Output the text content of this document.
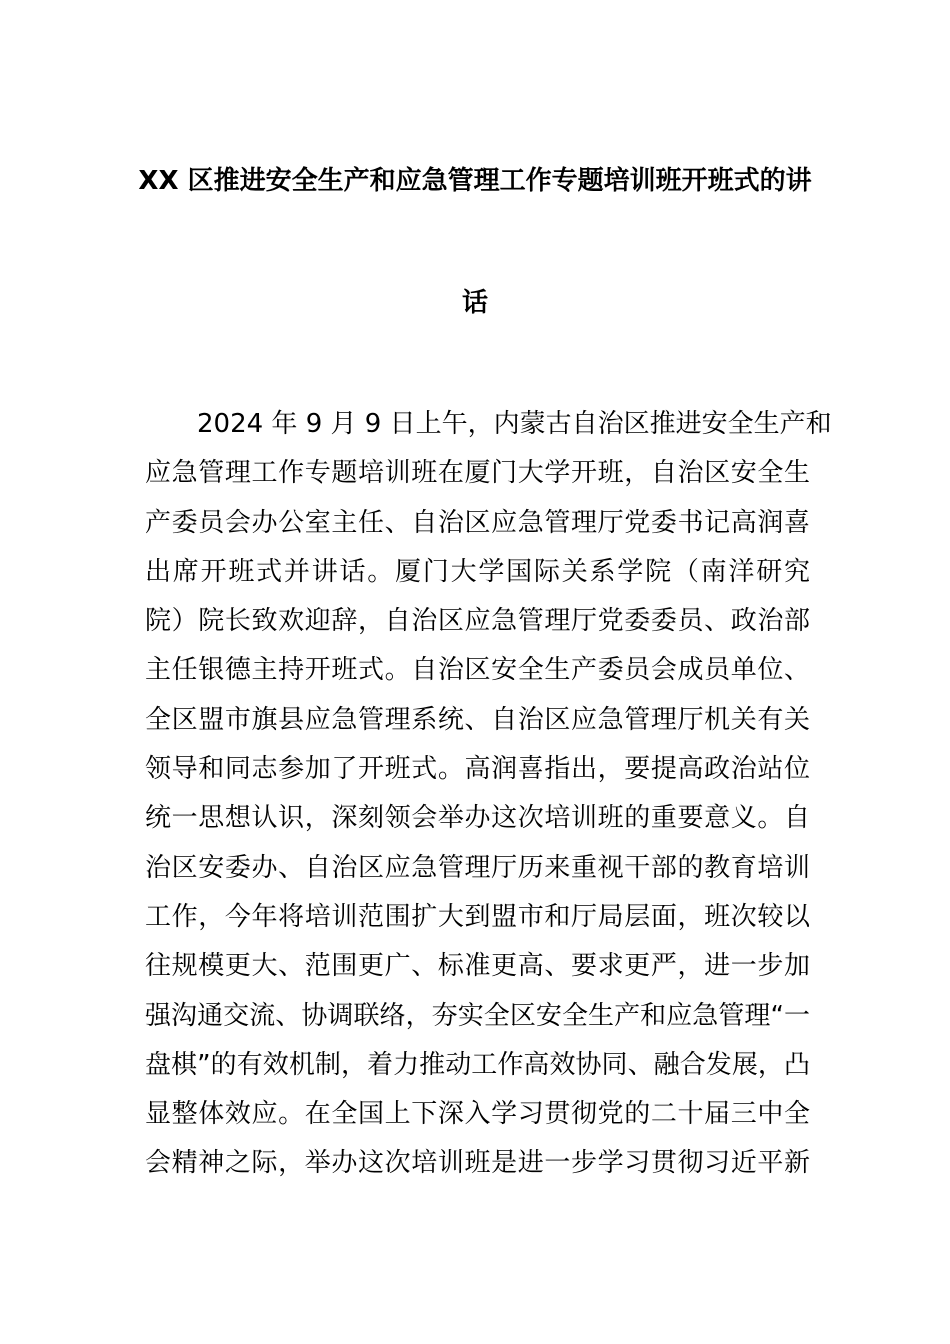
XX 区推进安全生产和应急管理工作专题培训班开班式的讲
话
2024 年 9 月 9 日上午，内蒙古自治区推进安全生产和
应急管理工作专题培训班在厦门大学开班，自治区安全生
产委员会办公室主任、自治区应急管理厅党委书记高润喜
出席开班式并讲话。厦门大学国际关系学院（南洋研究
院）院长致欢迎辞，自治区应急管理厅党委委员、政治部
主任银德主持开班式。自治区安全生产委员会成员单位、
全区盟市旗县应急管理系统、自治区应急管理厅机关有关
领导和同志参加了开班式。高润喜指出，要提高政治站位
统一思想认识，深刻领会举办这次培训班的重要意义。自
治区安委办、自治区应急管理厅历来重视干部的教育培训
工作，今年将培训范围扩大到盟市和厅局层面，班次较以
往规模更大、范围更广、标准更高、要求更严，进一步加
强沟通交流、协调联络，夯实全区安全生产和应急管理“一
盘棋”的有效机制，着力推动工作高效协同、融合发展，凸
显整体效应。在全国上下深入学习贯彻党的二十届三中全
会精神之际，举办这次培训班是进一步学习贯彻习近平新
